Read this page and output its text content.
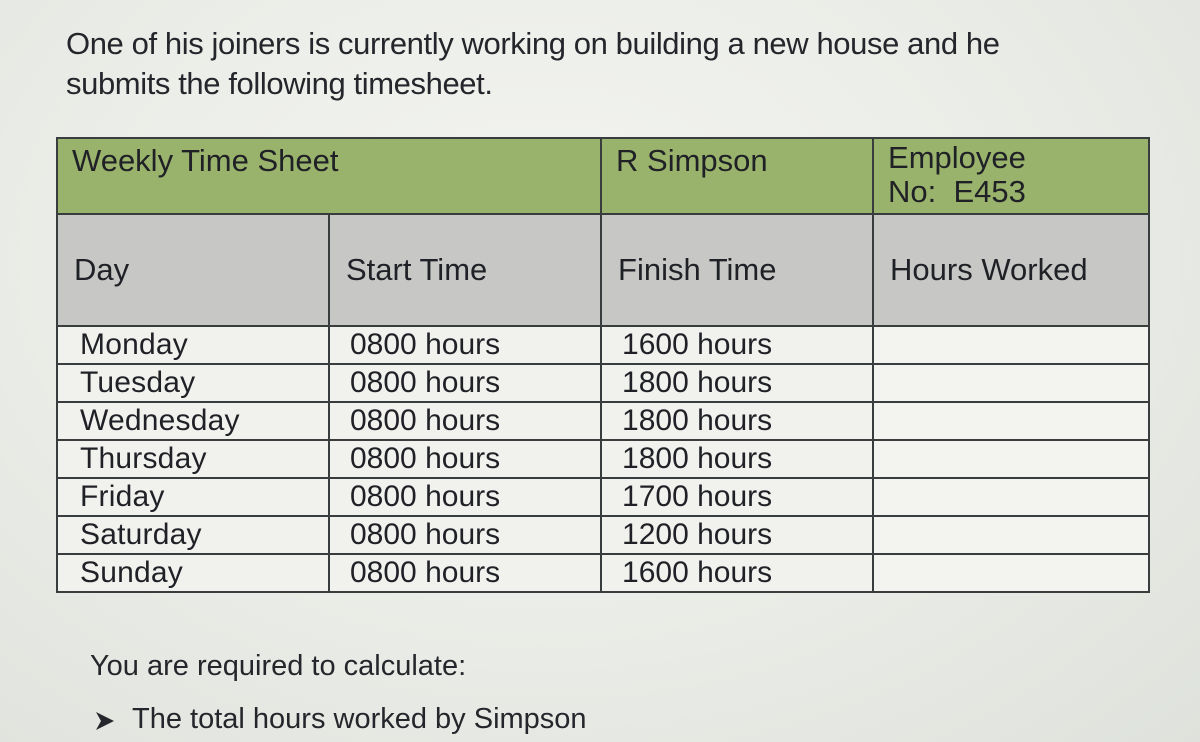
One of his joiners is currently working on building a new house and he
submits the following timesheet.
Weekly Time Sheet		R Simpson	Employee
No:  E453

Day	Start Time	Finish Time	Hours Worked
Monday	0800 hours	1600 hours	
Tuesday	0800 hours	1800 hours	
Wednesday	0800 hours	1800 hours	
Thursday	0800 hours	1800 hours	
Friday	0800 hours	1700 hours	
Saturday	0800 hours	1200 hours	
Sunday	0800 hours	1600 hours	
You are required to calculate:
The total hours worked by Simpson
